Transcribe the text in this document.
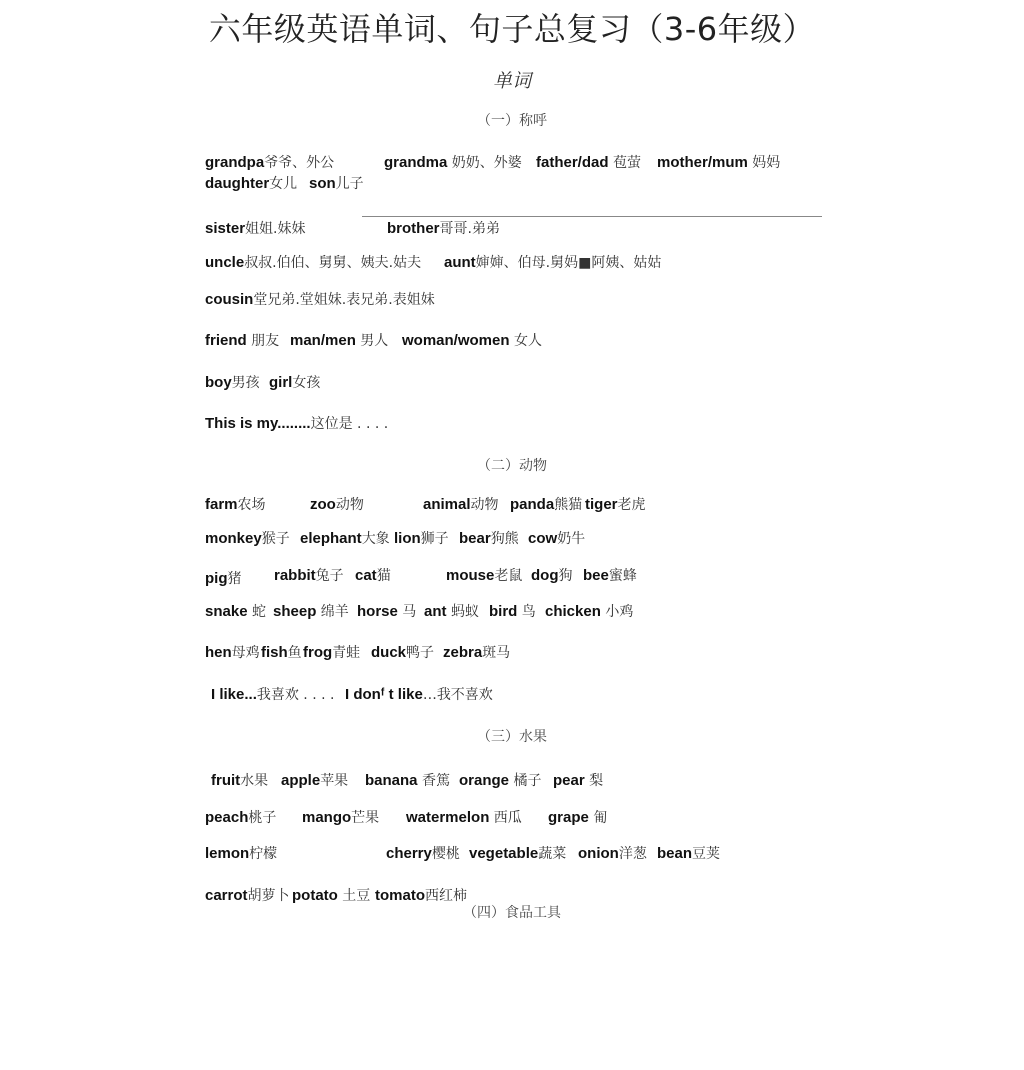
六年级英语单词、句子总复习（3-6年级）
单词
（一）称呼
grandpa爷爷、外公	grandma 奶奶、外婆 father/dad 苞萤 mother/mum 妈妈
daughter女儿 son儿子
sister姐姐.妹妹	brother哥哥.弟弟
uncle叔叔.伯伯、舅舅、姨夫.姑夫 aunt婶婶、伯母.舅妈■阿姨、姑姑
cousin堂兄弟.堂姐妹.表兄弟.表姐妹
friend 朋友 man/men 男人 woman/women 女人
boy男孩 girl女孩
This is my........这位是 . . . .
（二）动物
farm农场	zoo动物	animal动物 panda熊猫 tiger老虎
monkey猴子 elephant大象 lion狮子 bear狗熊 cow奶牛
pig猪 rabbit兔子 cat猫	mouse老鼠 dog狗 bee蜜蜂
snake 蛇 sheep 绵羊 horse 马 ant 蚂蚁 bird 鸟 chicken 小鸡
hen母鸡 fish鱼 frog青蛙 duck鸭子 zebra斑马
I like...我喜欢 . . . . I donᶠ t like…我不喜欢
（三）水果
fruit水果 apple苹果 banana 香篤 orange 橘子 pear 梨
peach桃子 mango芒果 watermelon 西瓜 grape 匍
lemon柠檬	cherry樱桃 vegetable蔬菜 onion洋葱 bean豆荚
carrot胡萝卜 potato 土豆 tomato西红柿
（四）食品工具
